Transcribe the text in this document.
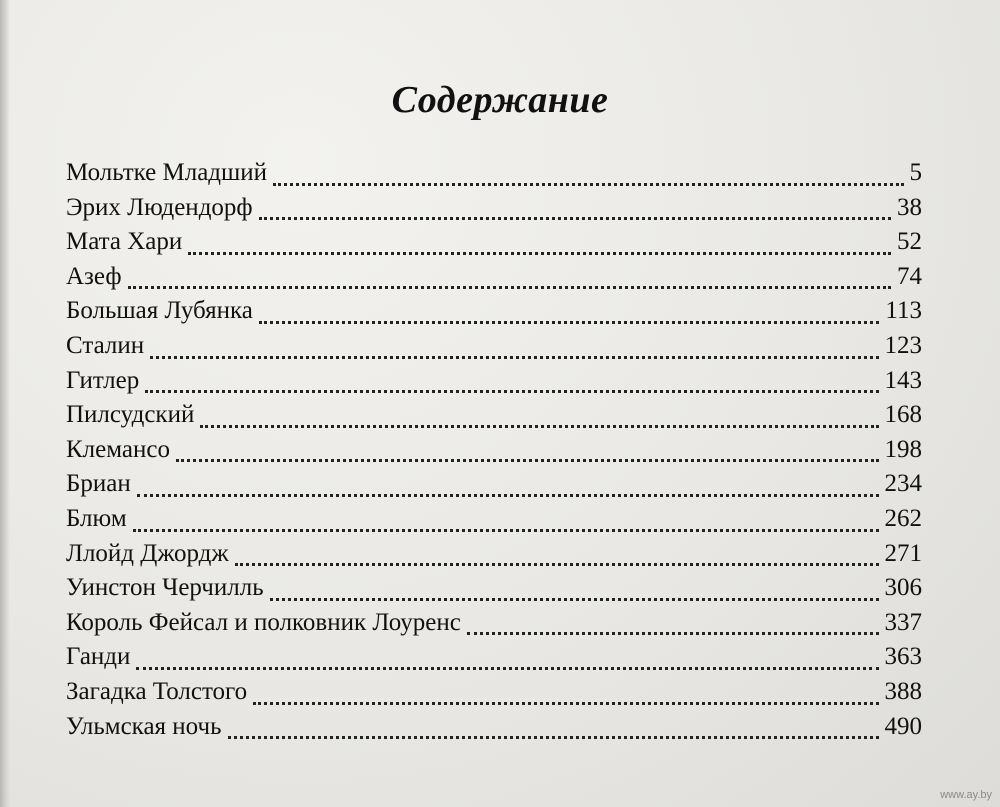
Содержание
Мольтке Младший	5
Эрих Людендорф	38
Мата Хари	52
Азеф	74
Большая Лубянка	113
Сталин	123
Гитлер	143
Пилсудский	168
Клемансо	198
Бриан	234
Блюм	262
Ллойд Джордж	271
Уинстон Черчилль	306
Король Фейсал и полковник Лоуренс	337
Ганди	363
Загадка Толстого	388
Ульмская ночь	490
www.ay.by
